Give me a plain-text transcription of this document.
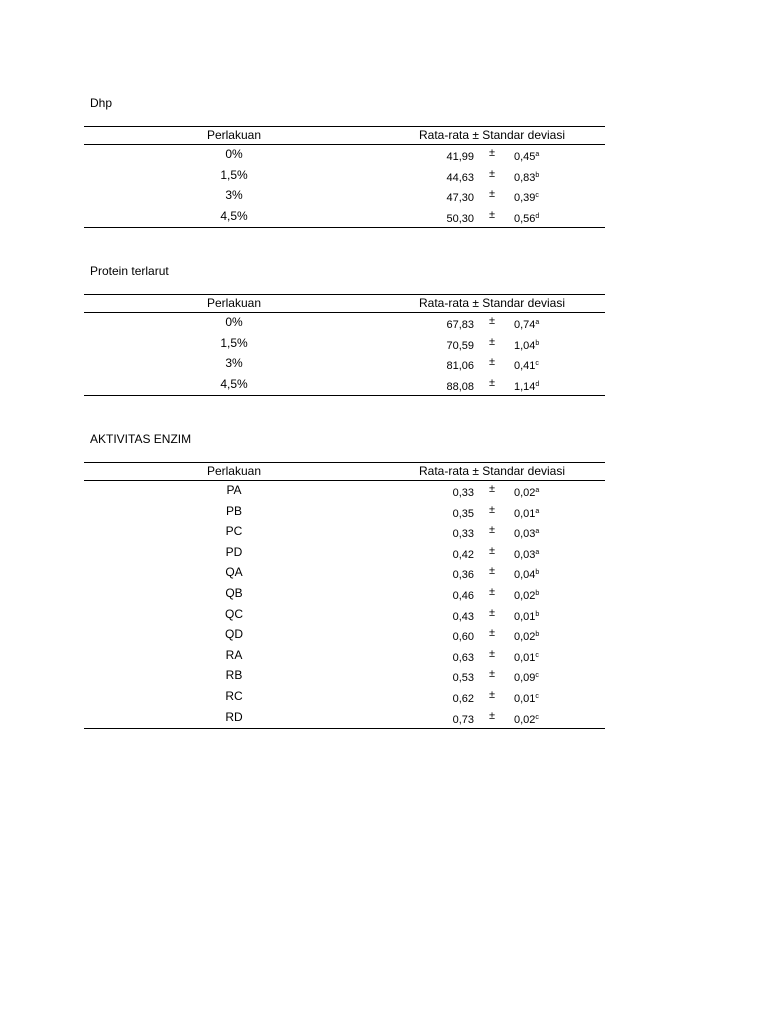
Dhp
Perlakuan	Rata-rata ± Standar deviasi
0%	41,99 ± 0,45$^a$
1,5%	44,63 ± 0,83$^b$
3%	47,30 ± 0,39$^c$
4,5%	50,30 ± 0,56$^d$
Protein terlarut
Perlakuan	Rata-rata ± Standar deviasi
0%	67,83 ± 0,74$^a$
1,5%	70,59 ± 1,04$^b$
3%	81,06 ± 0,41$^c$
4,5%	88,08 ± 1,14$^d$
AKTIVITAS ENZIM
Perlakuan	Rata-rata ± Standar deviasi
PA	0,33 ± 0,02$^a$
PB	0,35 ± 0,01$^a$
PC	0,33 ± 0,03$^a$
PD	0,42 ± 0,03$^a$
QA	0,36 ± 0,04$^b$
QB	0,46 ± 0,02$^b$
QC	0,43 ± 0,01$^b$
QD	0,60 ± 0,02$^b$
RA	0,63 ± 0,01$^c$
RB	0,53 ± 0,09$^c$
RC	0,62 ± 0,01$^c$
RD	0,73 ± 0,02$^c$
